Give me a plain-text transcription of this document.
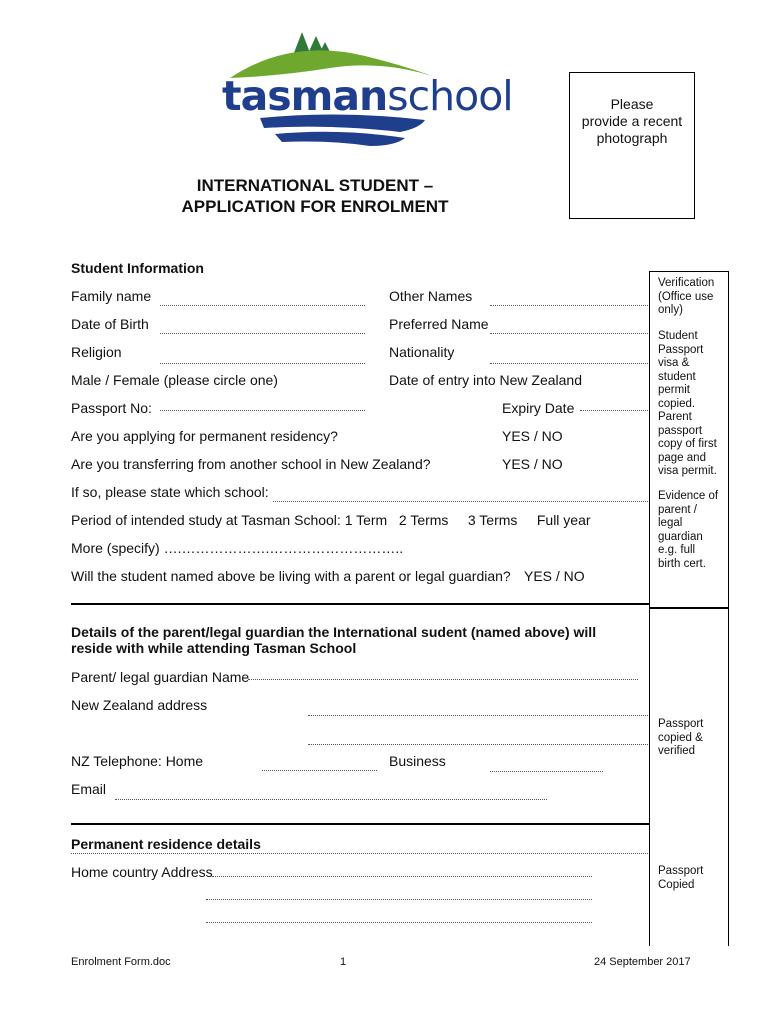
tasmanschool	Please
provide a recent
photograph
INTERNATIONAL STUDENT –
APPLICATION FOR ENROLMENT
Verification
(Office use
only)
Student
Passport
visa &
student
permit
copied.
Parent
passport
copy of first
page and
visa permit.
Evidence of
parent /
legal
guardian
e.g. full
birth cert.
Passport
copied &
verified
Passport
Copied
Student Information
Family name	Other Names
Date of Birth	Preferred Name
Religion	Nationality
Male / Female (please circle one)	Date of entry into New Zealand
Passport No:	Expiry Date
Are you applying for permanent residency?	YES / NO
Are you transferring from another school in New Zealand?	YES / NO
If so, please state which school:
Period of intended study at Tasman School: 1 Term   2 Terms     3 Terms     Full year
More (specify) ….……………….………………………..
Will the student named above be living with a parent or legal guardian? YES / NO
Details of the parent/legal guardian the International sudent (named above) will reside with while attending Tasman School
Parent/ legal guardian Name
New Zealand address
NZ Telephone: Home	Business
Email
Permanent residence details
Home country Address
Enrolment Form.doc	1	24 September 2017
